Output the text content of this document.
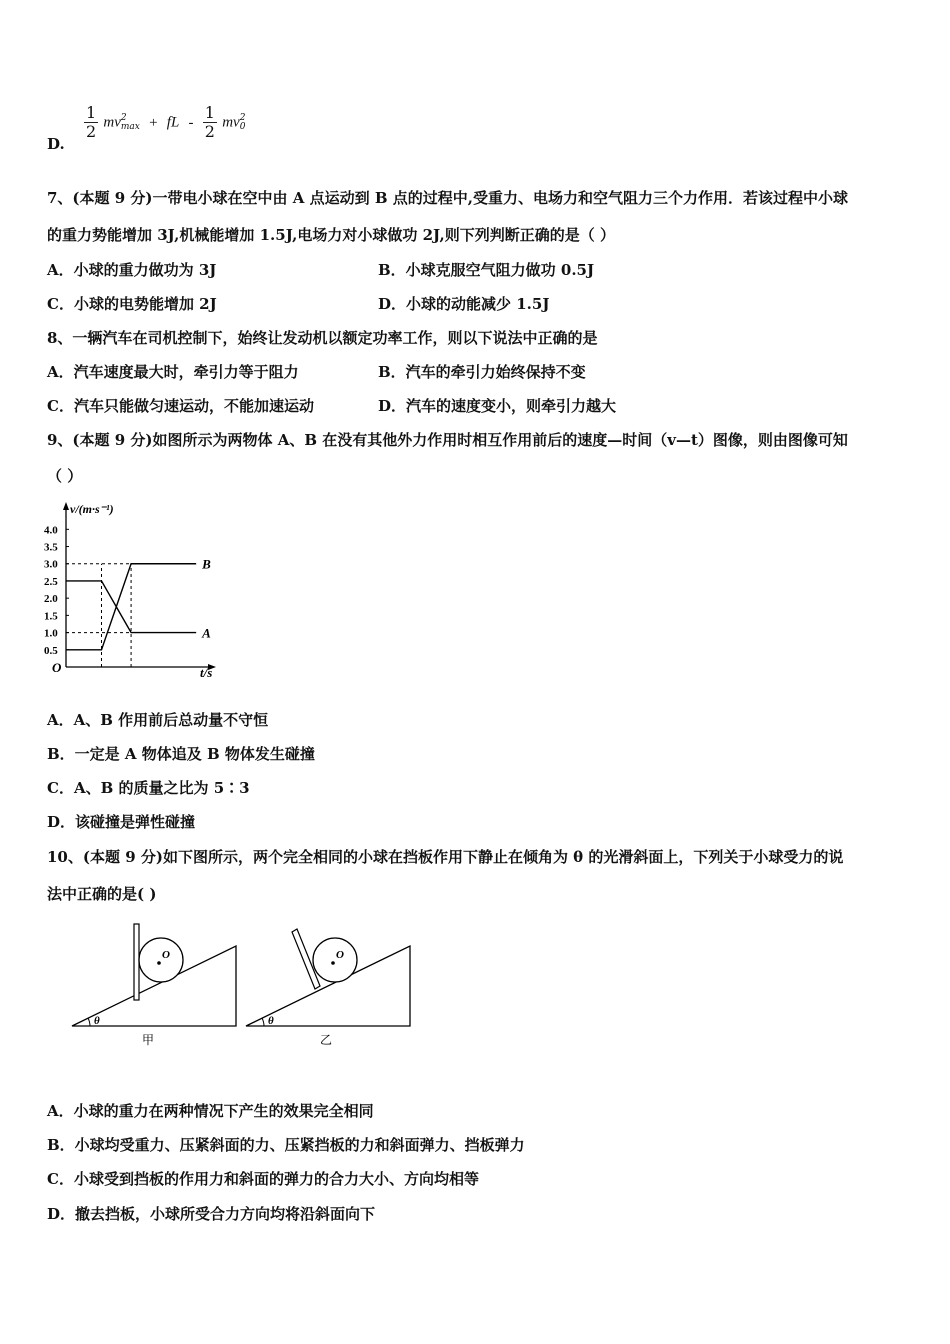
D.
$\frac{1}{2}$ mv 2
max + fL - $\frac{1}{2}$ mv 2
0
7、(本题 9 分)一带电小球在空中由 A 点运动到 B 点的过程中,受重力、电场力和空气阻力三个力作用．若该过程中小球
的重力势能增加 3J,机械能增加 1.5J,电场力对小球做功 2J,则下列判断正确的是（ ）
A．小球的重力做功为 3J	B．小球克服空气阻力做功 0.5J
C．小球的电势能增加 2J	D．小球的动能减少 1.5J
8、一辆汽车在司机控制下，始终让发动机以额定功率工作，则以下说法中正确的是
A．汽车速度最大时，牵引力等于阻力	B．汽车的牵引力始终保持不变
C．汽车只能做匀速运动，不能加速运动	D．汽车的速度变小，则牵引力越大
9、(本题 9 分)如图所示为两物体 A、B 在没有其他外力作用时相互作用前后的速度—时间（v—t）图像，则由图像可知
（ ）
v/(m·s⁻¹)
t/s
O
0.5
1.0
1.5
2.0
2.5
3.0
3.5
4.0
A
B
A．A、B 作用前后总动量不守恒
B．一定是 A 物体追及 B 物体发生碰撞
C．A、B 的质量之比为 5∶3
D．该碰撞是弹性碰撞
10、(本题 9 分)如下图所示，两个完全相同的小球在挡板作用下静止在倾角为 θ 的光滑斜面上，下列关于小球受力的说
法中正确的是( )
O
θ
甲
O
θ
乙
A．小球的重力在两种情况下产生的效果完全相同
B．小球均受重力、压紧斜面的力、压紧挡板的力和斜面弹力、挡板弹力
C．小球受到挡板的作用力和斜面的弹力的合力大小、方向均相等
D．撤去挡板，小球所受合力方向均将沿斜面向下
